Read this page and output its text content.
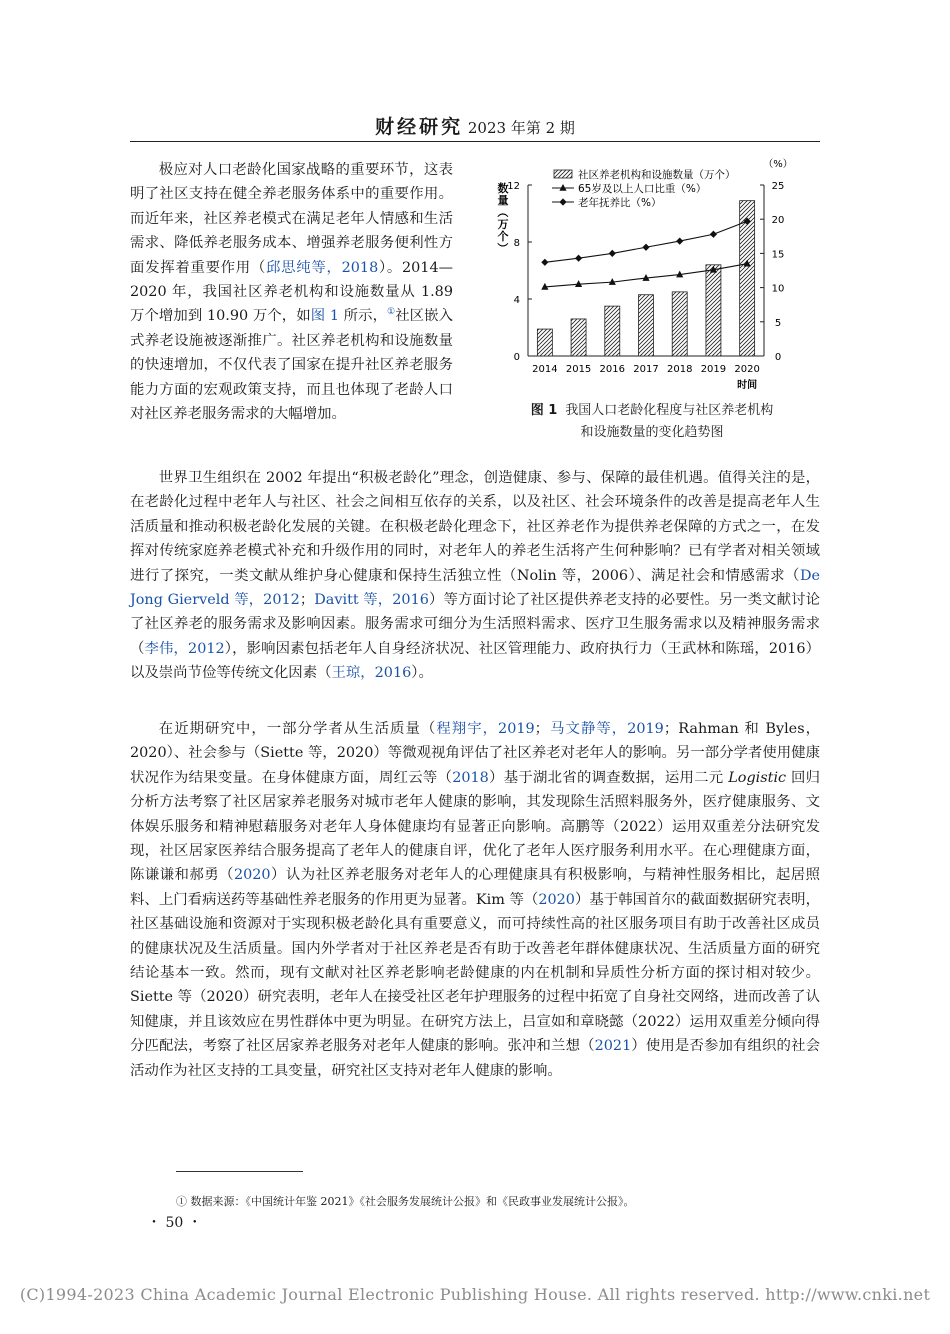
财经研究 2023 年第 2 期

极应对人口老龄化国家战略的重要环节，这表明了社区支持在健全养老服务体系中的重要作用。而近年来，社区养老模式在满足老年人情感和生活需求、降低养老服务成本、增强养老服务便利性方面发挥着重要作用（邱思纯等，2018）。2014—2020 年，我国社区养老机构和设施数量从 1.89 万个增加到 10.90 万个，如图 1 所示，①社区嵌入式养老设施被逐渐推广。社区养老机构和设施数量的快速增加，不仅代表了国家在提升社区养老服务能力方面的宏观政策支持，而且也体现了老龄人口对社区养老服务需求的大幅增加。

0
4
8
12
0
5
10
15
20
25
2014 2015 2016 2017 2018 2019 2020
时间
数
量
（
万
个
）
（%）
社区养老机构和设施数量（万个）
65岁及以上人口比重（%）
老年抚养比（%）
图 1 我国人口老龄化程度与社区养老机构
和设施数量的变化趋势图

世界卫生组织在 2002 年提出“积极老龄化”理念，创造健康、参与、保障的最佳机遇。值得关注的是，在老龄化过程中老年人与社区、社会之间相互依存的关系，以及社区、社会环境条件的改善是提高老年人生活质量和推动积极老龄化发展的关键。在积极老龄化理念下，社区养老作为提供养老保障的方式之一，在发挥对传统家庭养老模式补充和升级作用的同时，对老年人的养老生活将产生何种影响？已有学者对相关领域进行了探究，一类文献从维护身心健康和保持生活独立性（Nolin 等，2006）、满足社会和情感需求（De Jong Gierveld 等，2012；Davitt 等，2016）等方面讨论了社区提供养老支持的必要性。另一类文献讨论了社区养老的服务需求及影响因素。服务需求可细分为生活照料需求、医疗卫生服务需求以及精神服务需求（李伟，2012），影响因素包括老年人自身经济状况、社区管理能力、政府执行力（王武林和陈瑶，2016）以及崇尚节俭等传统文化因素（王琼，2016）。

在近期研究中，一部分学者从生活质量（程翔宇，2019；马文静等，2019；Rahman 和 Byles，2020）、社会参与（Siette 等，2020）等微观视角评估了社区养老对老年人的影响。另一部分学者使用健康状况作为结果变量。在身体健康方面，周红云等（2018）基于湖北省的调查数据，运用二元 Logistic 回归分析方法考察了社区居家养老服务对城市老年人健康的影响，其发现除生活照料服务外，医疗健康服务、文体娱乐服务和精神慰藉服务对老年人身体健康均有显著正向影响。高鹏等（2022）运用双重差分法研究发现，社区居家医养结合服务提高了老年人的健康自评，优化了老年人医疗服务利用水平。在心理健康方面，陈谦谦和郝勇（2020）认为社区养老服务对老年人的心理健康具有积极影响，与精神性服务相比，起居照料、上门看病送药等基础性养老服务的作用更为显著。Kim 等（2020）基于韩国首尔的截面数据研究表明，社区基础设施和资源对于实现积极老龄化具有重要意义，而可持续性高的社区服务项目有助于改善社区成员的健康状况及生活质量。国内外学者对于社区养老是否有助于改善老年群体健康状况、生活质量方面的研究结论基本一致。然而，现有文献对社区养老影响老龄健康的内在机制和异质性分析方面的探讨相对较少。Siette 等（2020）研究表明，老年人在接受社区老年护理服务的过程中拓宽了自身社交网络，进而改善了认知健康，并且该效应在男性群体中更为明显。在研究方法上，吕宣如和章晓懿（2022）运用双重差分倾向得分匹配法，考察了社区居家养老服务对老年人健康的影响。张冲和兰想（2021）使用是否参加有组织的社会活动作为社区支持的工具变量，研究社区支持对老年人健康的影响。

① 数据来源：《中国统计年鉴 2021》《社会服务发展统计公报》和《民政事业发展统计公报》。
・ 50 ・
(C)1994-2023 China Academic Journal Electronic Publishing House. All rights reserved. http://www.cnki.net
